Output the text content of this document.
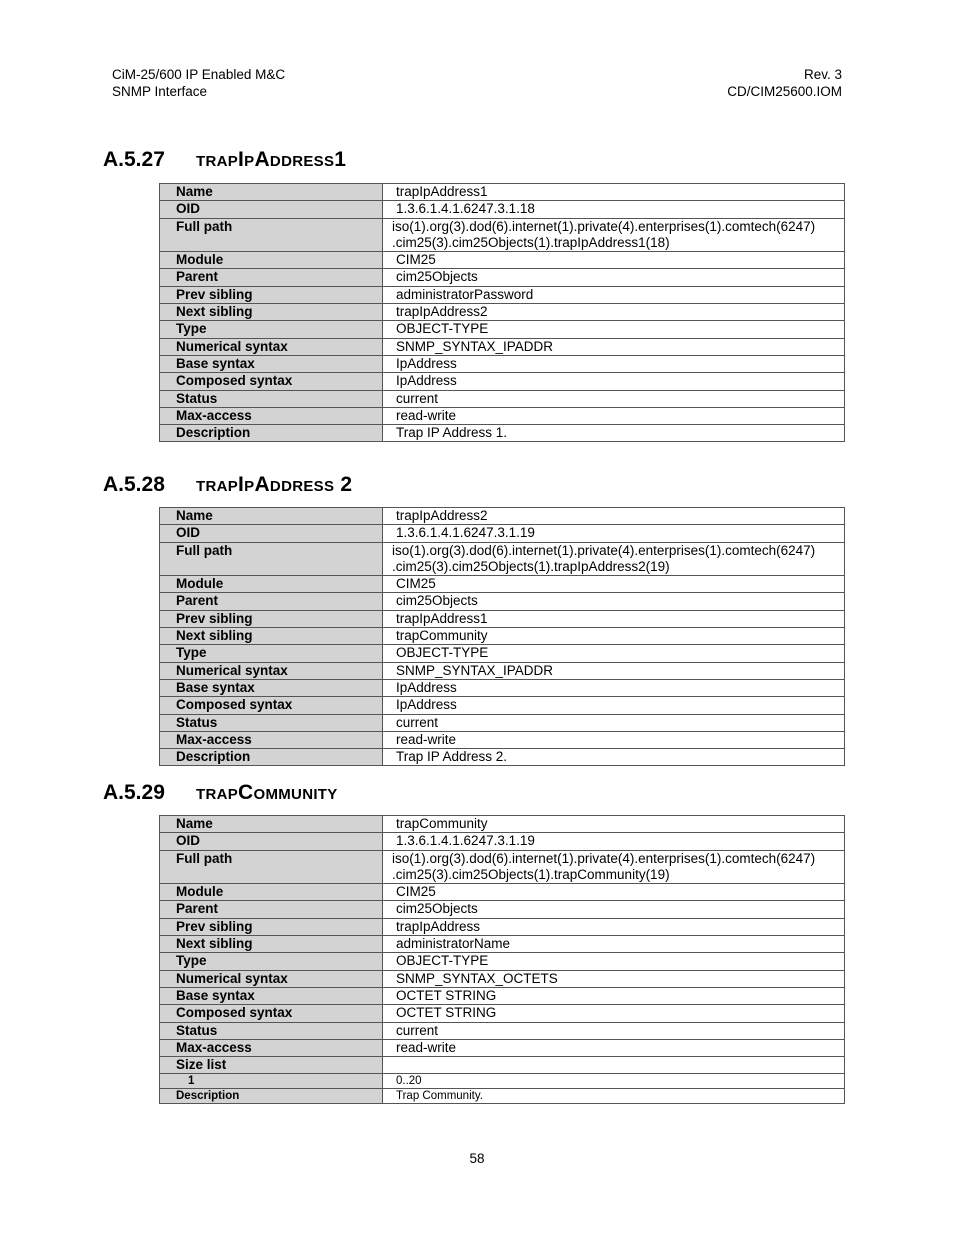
CiM-25/600 IP Enabled M&C
SNMP Interface
Rev. 3
CD/CIM25600.IOM
A.5.27 trapIpAddress1
Name	trapIpAddress1
OID	1.3.6.1.4.1.6247.3.1.18
Full path	iso(1).org(3).dod(6).internet(1).private(4).enterprises(1).comtech(6247)
.cim25(3).cim25Objects(1).trapIpAddress1(18)

Module	CIM25
Parent	cim25Objects
Prev sibling	administratorPassword
Next sibling	trapIpAddress2
Type	OBJECT-TYPE
Numerical syntax	SNMP_SYNTAX_IPADDR
Base syntax	IpAddress
Composed syntax	IpAddress
Status	current
Max-access	read-write
Description	Trap IP Address 1.
A.5.28 trapIpAddress 2
Name	trapIpAddress2
OID	1.3.6.1.4.1.6247.3.1.19
Full path	iso(1).org(3).dod(6).internet(1).private(4).enterprises(1).comtech(6247)
.cim25(3).cim25Objects(1).trapIpAddress2(19)

Module	CIM25
Parent	cim25Objects
Prev sibling	trapIpAddress1
Next sibling	trapCommunity
Type	OBJECT-TYPE
Numerical syntax	SNMP_SYNTAX_IPADDR
Base syntax	IpAddress
Composed syntax	IpAddress
Status	current
Max-access	read-write
Description	Trap IP Address 2.
A.5.29 trapCommunity
Name	trapCommunity
OID	1.3.6.1.4.1.6247.3.1.19
Full path	iso(1).org(3).dod(6).internet(1).private(4).enterprises(1).comtech(6247)
.cim25(3).cim25Objects(1).trapCommunity(19)

Module	CIM25
Parent	cim25Objects
Prev sibling	trapIpAddress
Next sibling	administratorName
Type	OBJECT-TYPE
Numerical syntax	SNMP_SYNTAX_OCTETS
Base syntax	OCTET STRING
Composed syntax	OCTET STRING
Status	current
Max-access	read-write
Size list	
1	0..20
Description	Trap Community.
58
